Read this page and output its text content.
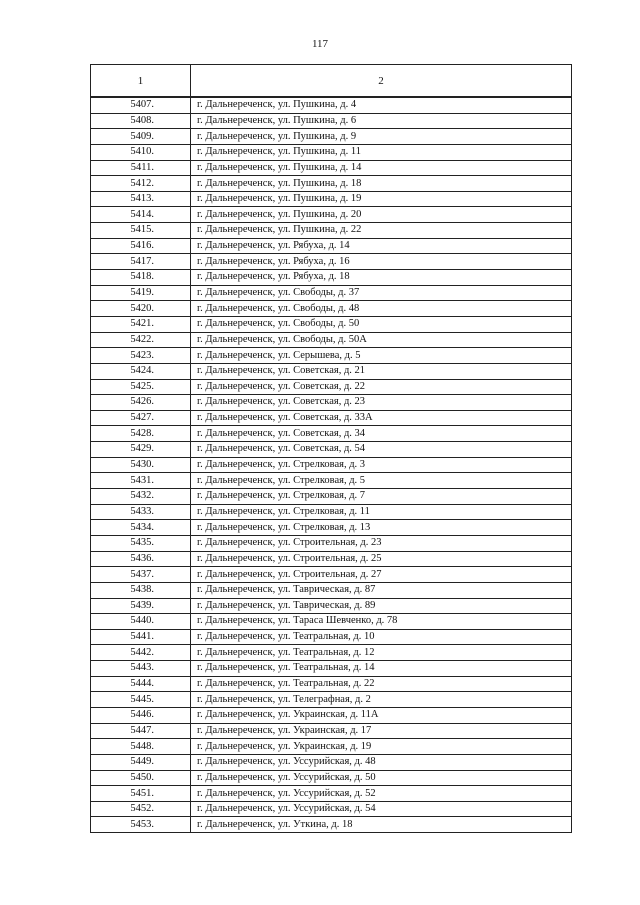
117
1	2
5407.	г. Дальнереченск, ул. Пушкина, д. 4
5408.	г. Дальнереченск, ул. Пушкина, д. 6
5409.	г. Дальнереченск, ул. Пушкина, д. 9
5410.	г. Дальнереченск, ул. Пушкина, д. 11
5411.	г. Дальнереченск, ул. Пушкина, д. 14
5412.	г. Дальнереченск, ул. Пушкина, д. 18
5413.	г. Дальнереченск, ул. Пушкина, д. 19
5414.	г. Дальнереченск, ул. Пушкина, д. 20
5415.	г. Дальнереченск, ул. Пушкина, д. 22
5416.	г. Дальнереченск, ул. Рябуха, д. 14
5417.	г. Дальнереченск, ул. Рябуха, д. 16
5418.	г. Дальнереченск, ул. Рябуха, д. 18
5419.	г. Дальнереченск, ул. Свободы, д. 37
5420.	г. Дальнереченск, ул. Свободы, д. 48
5421.	г. Дальнереченск, ул. Свободы, д. 50
5422.	г. Дальнереченск, ул. Свободы, д. 50А
5423.	г. Дальнереченск, ул. Серышева, д. 5
5424.	г. Дальнереченск, ул. Советская, д. 21
5425.	г. Дальнереченск, ул. Советская, д. 22
5426.	г. Дальнереченск, ул. Советская, д. 23
5427.	г. Дальнереченск, ул. Советская, д. 33А
5428.	г. Дальнереченск, ул. Советская, д. 34
5429.	г. Дальнереченск, ул. Советская, д. 54
5430.	г. Дальнереченск, ул. Стрелковая, д. 3
5431.	г. Дальнереченск, ул. Стрелковая, д. 5
5432.	г. Дальнереченск, ул. Стрелковая, д. 7
5433.	г. Дальнереченск, ул. Стрелковая, д. 11
5434.	г. Дальнереченск, ул. Стрелковая, д. 13
5435.	г. Дальнереченск, ул. Строительная, д. 23
5436.	г. Дальнереченск, ул. Строительная, д. 25
5437.	г. Дальнереченск, ул. Строительная, д. 27
5438.	г. Дальнереченск, ул. Таврическая, д. 87
5439.	г. Дальнереченск, ул. Таврическая, д. 89
5440.	г. Дальнереченск, ул. Тараса Шевченко, д. 78
5441.	г. Дальнереченск, ул. Театральная, д. 10
5442.	г. Дальнереченск, ул. Театральная, д. 12
5443.	г. Дальнереченск, ул. Театральная, д. 14
5444.	г. Дальнереченск, ул. Театральная, д. 22
5445.	г. Дальнереченск, ул. Телеграфная, д. 2
5446.	г. Дальнереченск, ул. Украинская, д. 11А
5447.	г. Дальнереченск, ул. Украинская, д. 17
5448.	г. Дальнереченск, ул. Украинская, д. 19
5449.	г. Дальнереченск, ул. Уссурийская, д. 48
5450.	г. Дальнереченск, ул. Уссурийская, д. 50
5451.	г. Дальнереченск, ул. Уссурийская, д. 52
5452.	г. Дальнереченск, ул. Уссурийская, д. 54
5453.	г. Дальнереченск, ул. Уткина, д. 18
